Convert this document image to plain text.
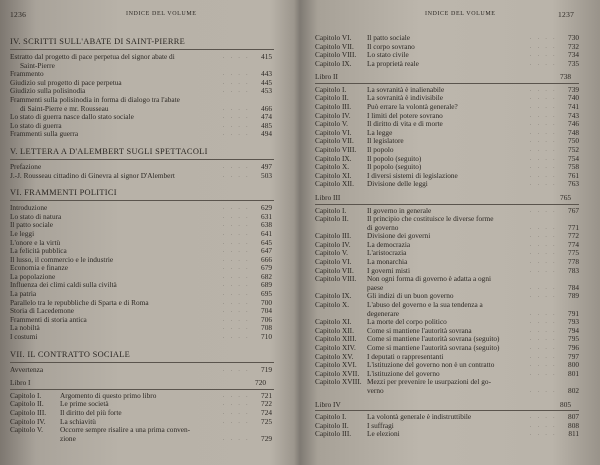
1236	INDICE DEL VOLUME
IV. SCRITTI SULL'ABATE DI SAINT-PIERRE
Estratto dal progetto di pace perpetua del signor abate di	. . . . 415
Saint-Pierre
Frammento	. . . . 443
Giudizio sul progetto di pace perpetua	. . . . 445
Giudizio sulla polisinodia	. . . . 453
Frammenti sulla polisinodia in forma di dialogo tra l'abate
di Saint-Pierre e mr. Rousseau	. . . . 466
Lo stato di guerra nasce dallo stato sociale	. . . . 474
Lo stato di guerra	. . . . 485
Frammenti sulla guerra	. . . . 494
V. LETTERA A D'ALEMBERT SUGLI SPETTACOLI
Prefazione	. . . . 497
J.-J. Rousseau cittadino di Ginevra al signor D'Alembert	. . . . 503
VI. FRAMMENTI POLITICI
Introduzione	. . . . 629
Lo stato di natura	. . . . 631
Il patto sociale	. . . . 638
Le leggi	. . . . 641
L'onore e la virtù	. . . . 645
La felicità pubblica	. . . . 647
Il lusso, il commercio e le industrie	. . . . 666
Economia e finanze	. . . . 679
La popolazione	. . . . 682
Influenza dei climi caldi sulla civiltà	. . . . 689
La patria	. . . . 695
Parallelo tra le repubbliche di Sparta e di Roma	. . . . 700
Storia di Lacedemone	. . . . 704
Frammenti di storia antica	. . . . 706
La nobiltà	. . . . 708
I costumi	. . . . 710
VII. IL CONTRATTO SOCIALE
Avvertenza	. . . . 719
Libro I	720
Capitolo I.	Argomento di questo primo libro	. . . . 721
Capitolo II. Le prime società	. . . . 722
Capitolo III. Il diritto del più forte	. . . . 724
Capitolo IV. La schiavitù	. . . . 725
Capitolo V. Occorre sempre risalire a una prima conven-
zione	. . . . 729
INDICE DEL VOLUME	1237
Capitolo VI. Il patto sociale	. . . . 730
Capitolo VII. Il corpo sovrano	. . . . 732
Capitolo VIII. Lo stato civile	. . . . 734
Capitolo IX. La proprietà reale	. . . . 735
Libro II	738
Capitolo I.	La sovranità è inalienabile	. . . . 739
Capitolo II.	La sovranità è indivisibile	. . . . 740
Capitolo III. Può errare la volontà generale?	. . . . 741
Capitolo IV. I limiti del potere sovrano	. . . . 743
Capitolo V.	Il diritto di vita e di morte	. . . . 746
Capitolo VI. La legge	. . . . 748
Capitolo VII. Il legislatore	. . . . 750
Capitolo VIII. Il popolo	. . . . 752
Capitolo IX. Il popolo (seguito)	. . . . 754
Capitolo X. Il popolo (seguito)	. . . . 758
Capitolo XI. I diversi sistemi di legislazione	. . . . 761
Capitolo XII. Divisione delle leggi	. . . . 763
Libro III	765
Capitolo I.	Il governo in generale	. . . . 767
Capitolo II.	Il principio che costituisce le diverse forme
di governo	. . . . 771
Capitolo III. Divisione dei governi	. . . . 772
Capitolo IV. La democrazia	. . . . 774
Capitolo V.	L'aristocrazia	. . . . 775
Capitolo VI. La monarchia	. . . . 778
Capitolo VII. I governi misti	. . . . 783
Capitolo VIII. Non ogni forma di governo è adatta a ogni
paese	. . . . 784
Capitolo IX. Gli indizi di un buon governo	. . . . 789
Capitolo X. L'abuso del governo e la sua tendenza a
degenerare	. . . . 791
Capitolo XI. La morte del corpo politico	. . . . 793
Capitolo XII. Come si mantiene l'autorità sovrana	. . . . 794
Capitolo XIII. Come si mantiene l'autorità sovrana (seguito)	. . . . 795
Capitolo XIV. Come si mantiene l'autorità sovrana (seguito)	. . . . 796
Capitolo XV. I deputati o rappresentanti	. . . . 797
Capitolo XVI. L'istituzione del governo non è un contratto	. . . . 800
Capitolo XVII. L'istituzione del governo	. . . . 801
Capitolo XVIII. Mezzi per prevenire le usurpazioni del go-
verno	. . . . 802
Libro IV	805
Capitolo I.	La volontà generale è indistruttibile	. . . . 807
Capitolo II.	I suffragi	. . . . 808
Capitolo III. Le elezioni	. . . . 811
